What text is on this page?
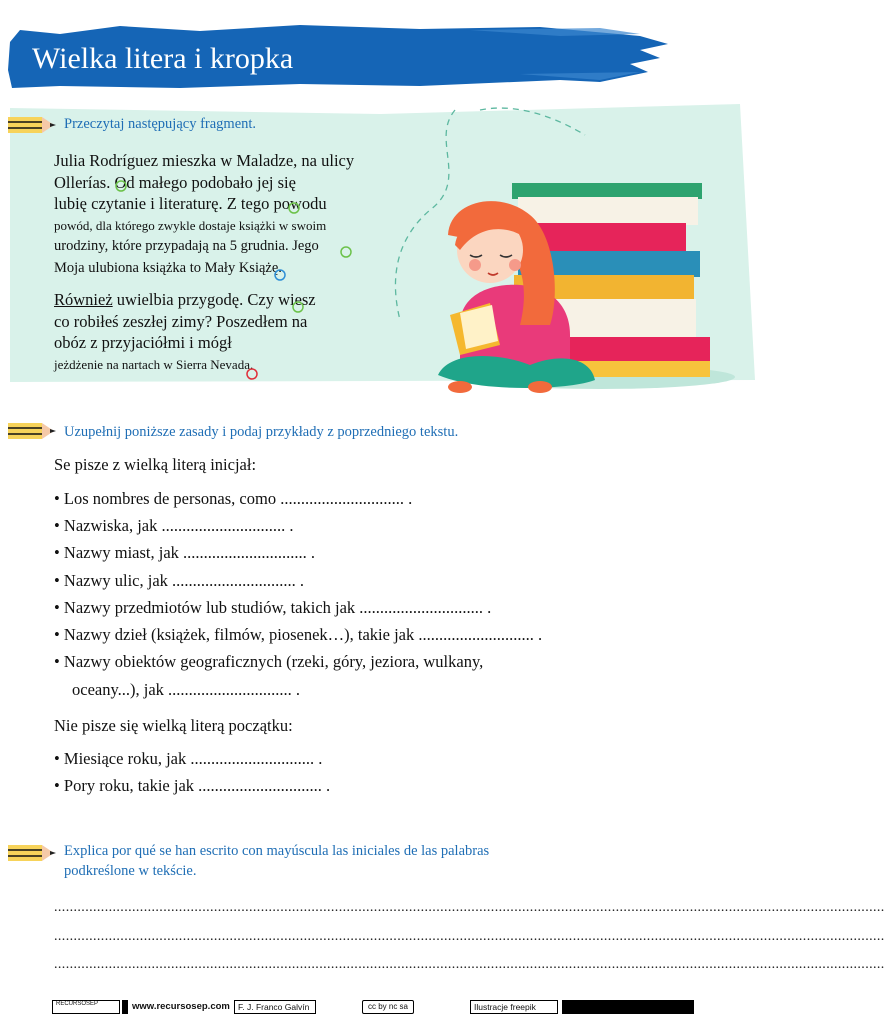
Wielka litera i kropka

Przeczytaj następujący fragment.

Julia Rodríguez mieszka w Maladze, na ulicy

Ollerías. Od małego podobało jej się

lubię czytanie i literaturę. Z tego powodu

powód, dla którego zwykle dostaje książki w swoim

urodziny, które przypadają na 5 grudnia. Jego

Moja ulubiona książka to Mały Książę.

Również uwielbia przygodę. Czy wiesz

co robiłeś zeszłej zimy? Poszedłem na

obóz z przyjaciółmi i mógł

jeżdżenie na nartach w Sierra Nevada.

Uzupełnij poniższe zasady i podaj przykłady z poprzedniego tekstu.

Se pisze z wielką literą inicjał:
• Los nombres de personas, como .............................. .
• Nazwiska, jak .............................. .
• Nazwy miast, jak .............................. .
• Nazwy ulic, jak .............................. .
• Nazwy przedmiotów lub studiów, takich jak .............................. .
• Nazwy dzieł (książek, filmów, piosenek…), takie jak ............................ .
• Nazwy obiektów geograficznych (rzeki, góry, jeziora, wulkany,
oceany...), jak .............................. .
Nie pisze się wielką literą początku:
• Miesiące roku, jak .............................. .
• Pory roku, takie jak .............................. .

Explica por qué se han escrito con mayúscula las iniciales de las palabras

podkreślone w tekście.

.....................................................................................................................................................................................................................
.....................................................................................................................................................................................................................
.....................................................................................................................................................................................................................
RECURSOSEP	www.recursosep.com F. J. Franco Galvín	cc by nc sa	Ilustracje freepik
